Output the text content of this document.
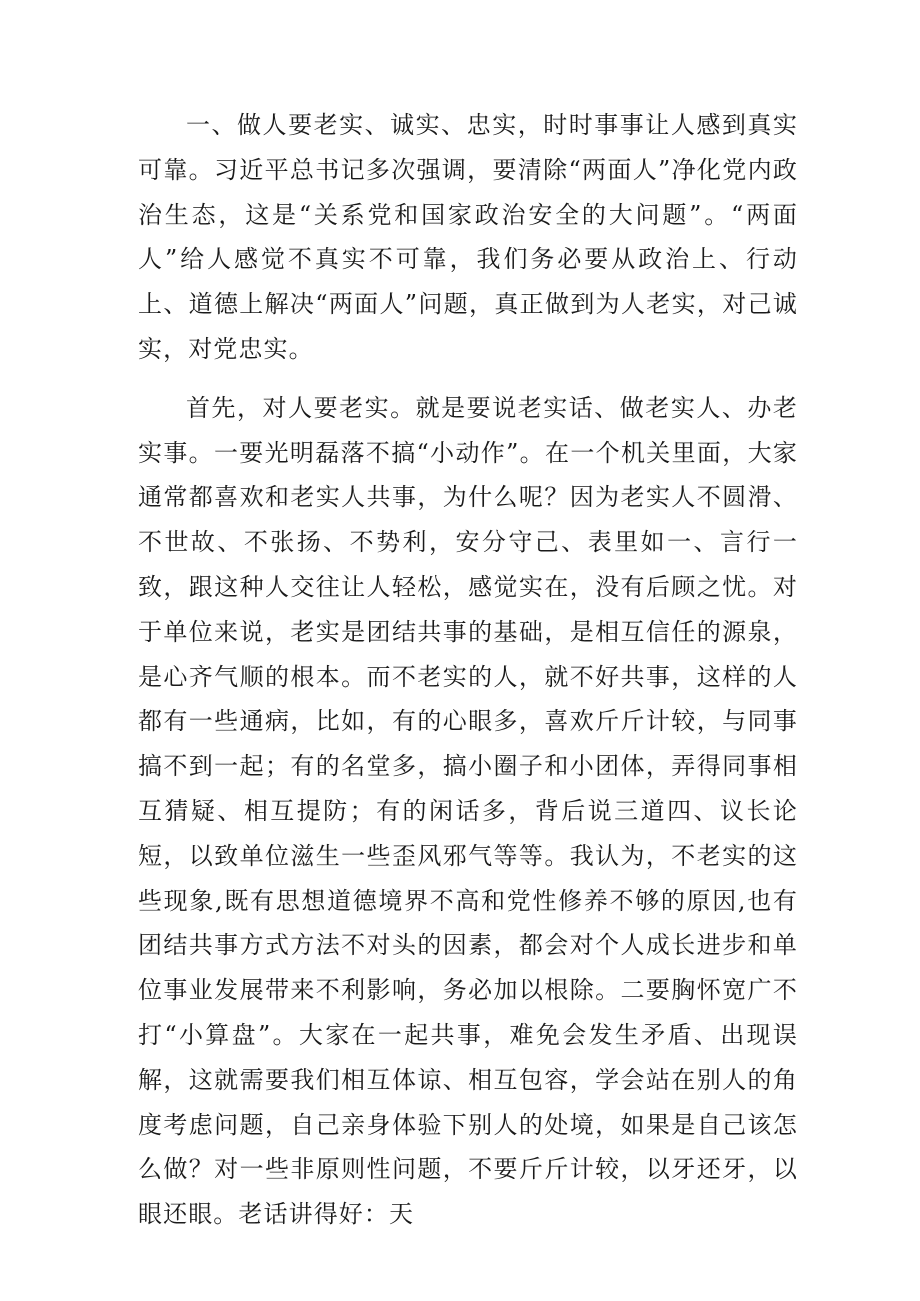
一、做人要老实、诚实、忠实，时时事事让人感到真实可靠。习近平总书记多次强调，要清除“两面人”净化党内政治生态，这是“关系党和国家政治安全的大问题”。“两面人”给人感觉不真实不可靠，我们务必要从政治上、行动上、道德上解决“两面人”问题，真正做到为人老实，对己诚实，对党忠实。

首先，对人要老实。就是要说老实话、做老实人、办老实事。一要光明磊落不搞“小动作”。在一个机关里面，大家通常都喜欢和老实人共事，为什么呢？因为老实人不圆滑、不世故、不张扬、不势利，安分守己、表里如一、言行一致，跟这种人交往让人轻松，感觉实在，没有后顾之忧。对于单位来说，老实是团结共事的基础，是相互信任的源泉，是心齐气顺的根本。而不老实的人，就不好共事，这样的人都有一些通病，比如，有的心眼多，喜欢斤斤计较，与同事搞不到一起；有的名堂多，搞小圈子和小团体，弄得同事相互猜疑、相互提防；有的闲话多，背后说三道四、议长论短，以致单位滋生一些歪风邪气等等。我认为，不老实的这些现象,既有思想道德境界不高和党性修养不够的原因,也有团结共事方式方法不对头的因素，都会对个人成长进步和单位事业发展带来不利影响，务必加以根除。二要胸怀宽广不打“小算盘”。大家在一起共事，难免会发生矛盾、出现误解，这就需要我们相互体谅、相互包容，学会站在别人的角度考虑问题，自己亲身体验下别人的处境，如果是自己该怎么做？对一些非原则性问题，不要斤斤计较，以牙还牙，以眼还眼。老话讲得好：天
